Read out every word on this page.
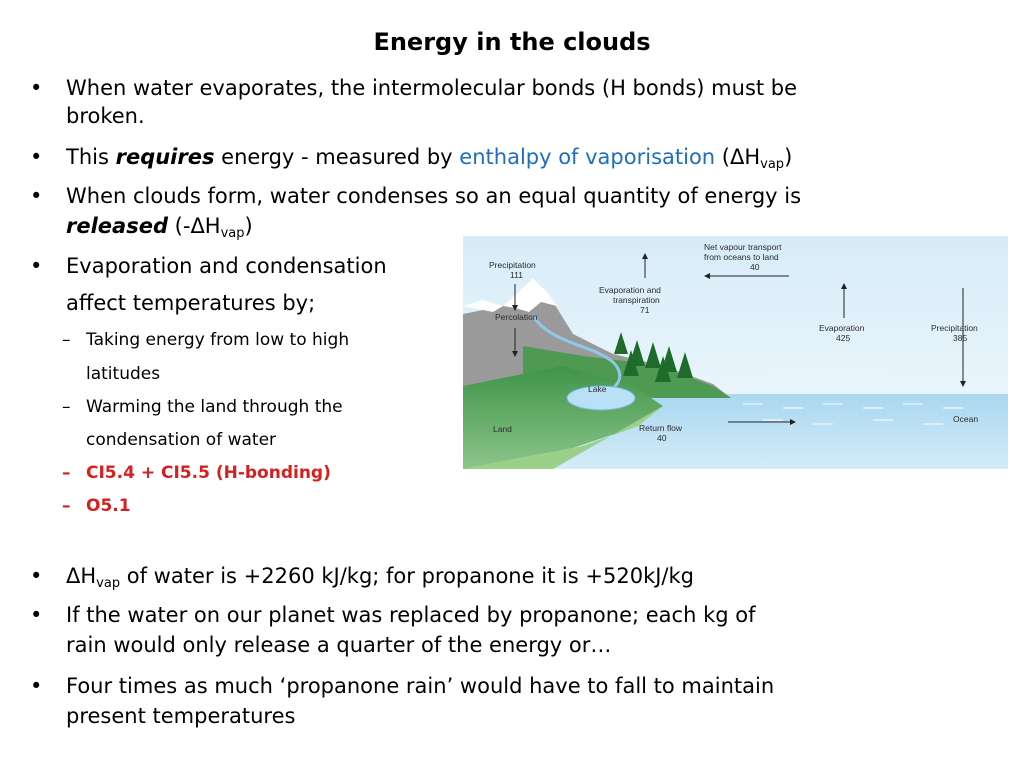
Energy in the clouds
• When water evaporates, the intermolecular bonds (H bonds) must be
broken.
• This requires energy - measured by enthalpy of vaporisation $(\Delta H_{vap})$
• When clouds form, water condenses so an equal quantity of energy is
released $(-\Delta H_{vap})$
• Evaporation and condensation
affect temperatures by;
– Taking energy from low to high
latitudes
– Warming the land through the
condensation of water
– CI5.4 + CI5.5 (H-bonding)
– O5.1
• $\Delta H_{vap}$ of water is +2260 kJ/kg; for propanone it is +520kJ/kg
• If the water on our planet was replaced by propanone; each kg of
rain would only release a quarter of the energy or…
• Four times as much ‘propanone rain’ would have to fall to maintain
present temperatures
Precipitation
111
Percolation
Evaporation and
transpiration
71
Net vapour transport
from oceans to land
40
Evaporation
425
Precipitation
385
Lake
Land	Return flow
40
Ocean
